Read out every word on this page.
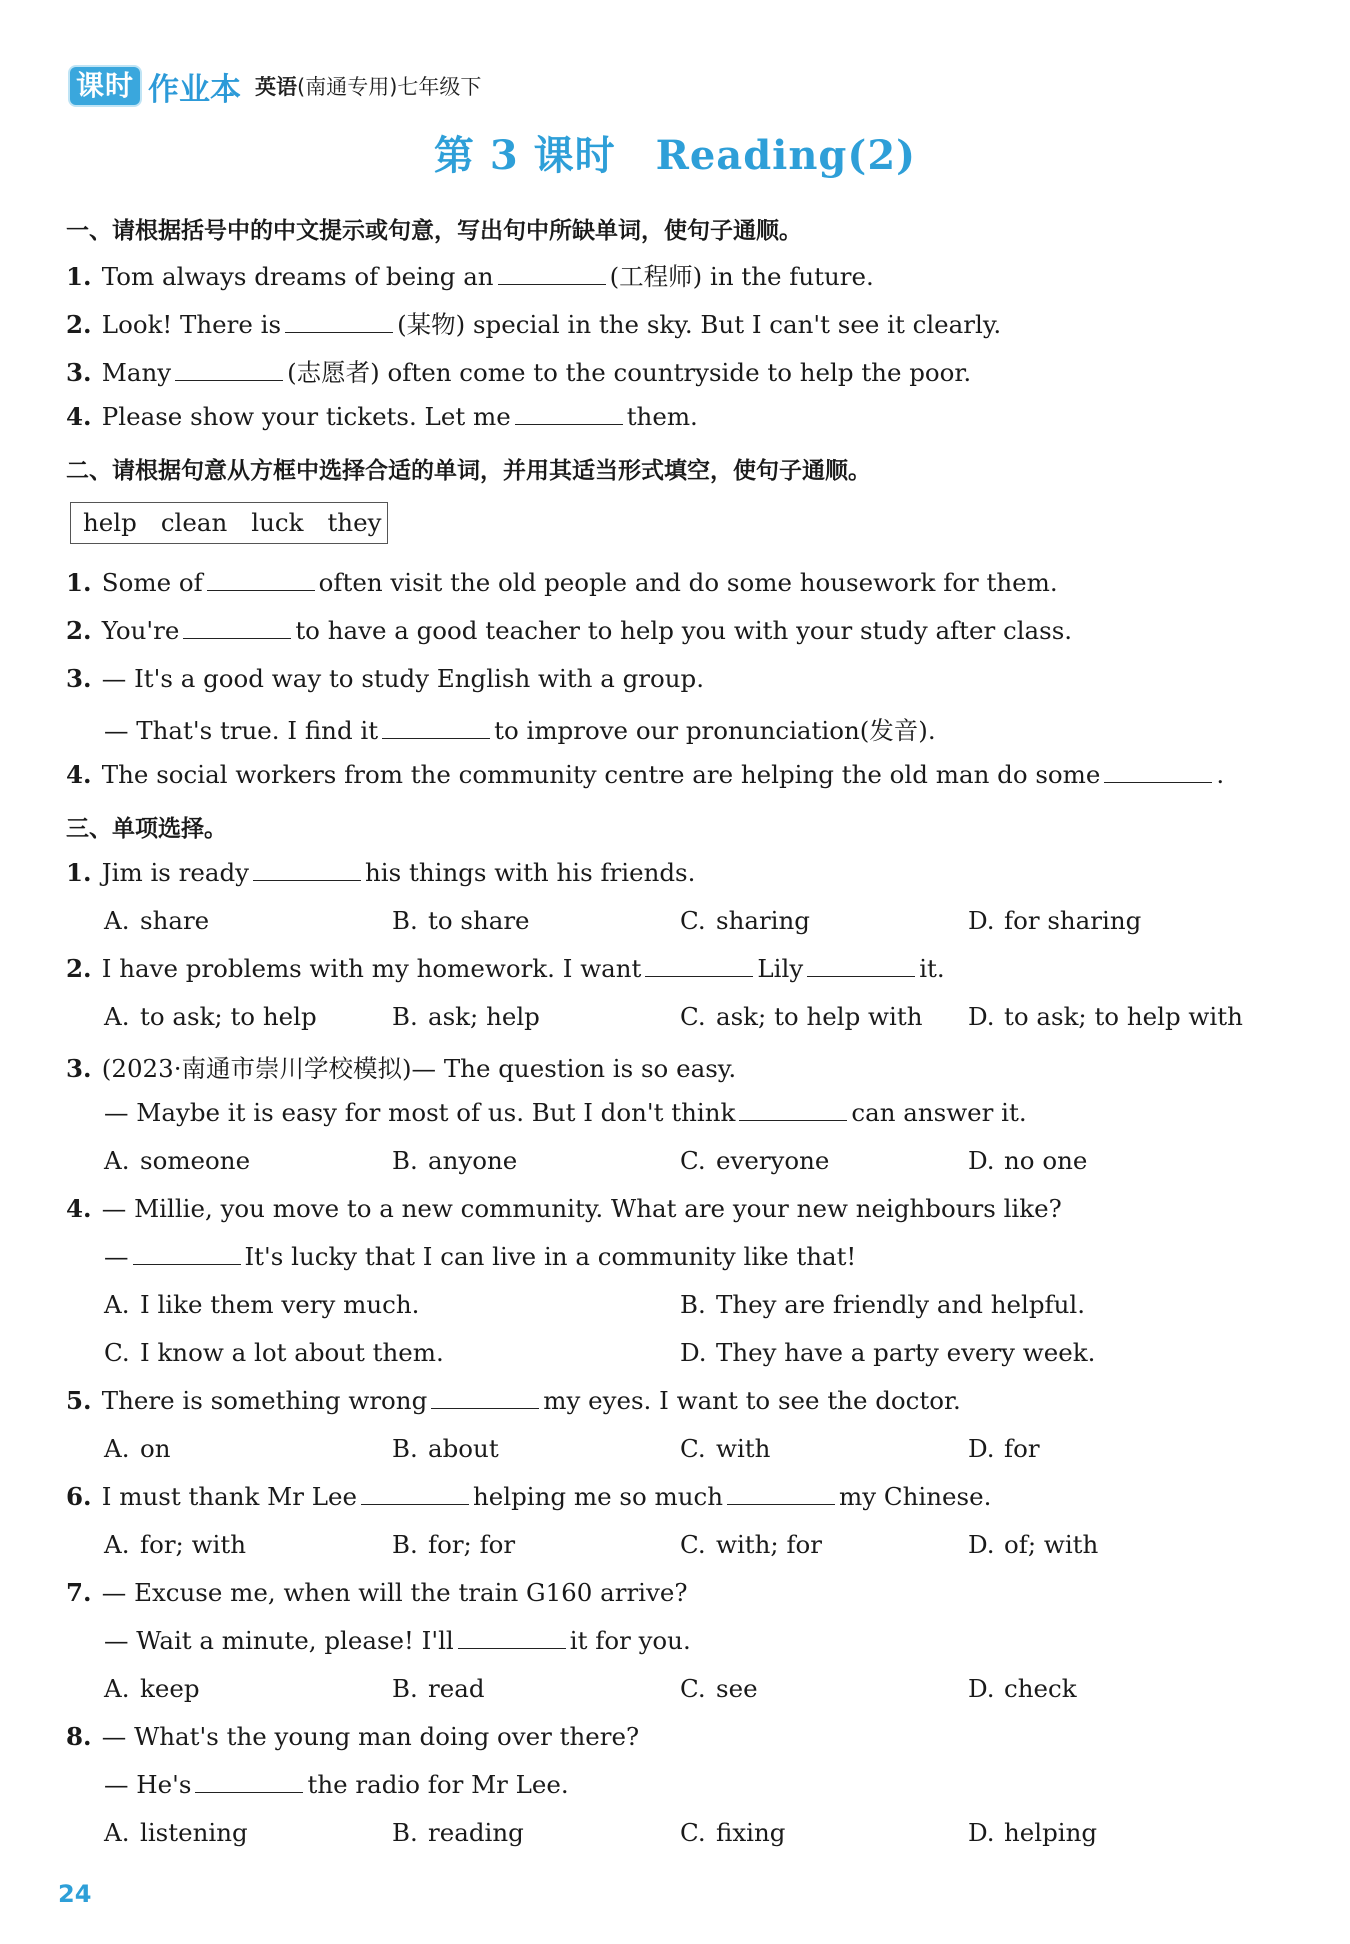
课时 作业本 英语(南通专用)七年级下
第 3 课时 Reading(2)
一、请根据括号中的中文提示或句意，写出句中所缺单词，使句子通顺。
1. Tom always dreams of being an	(工程师) in the future.
2. Look! There is	(某物) special in the sky. But I can't see it clearly.
3. Many	(志愿者) often come to the countryside to help the poor.
4. Please show your tickets. Let me	them.
二、请根据句意从方框中选择合适的单词，并用其适当形式填空，使句子通顺。
help clean luck they
1. Some of	often visit the old people and do some housework for them.
2. You're	to have a good teacher to help you with your study after class.
3. — It's a good way to study English with a group.
— That's true. I find it	to improve our pronunciation(发音).
4. The social workers from the community centre are helping the old man do some	.
三、单项选择。
1. Jim is ready	his things with his friends.
A. share	B. to share	C. sharing	D. for sharing
2. I have problems with my homework. I want	Lily	it.
A. to ask; to help	B. ask; help	C. ask; to help with D. to ask; to help with
3. (2023·南通市崇川学校模拟)— The question is so easy.
— Maybe it is easy for most of us. But I don't think	can answer it.
A. someone	B. anyone	C. everyone	D. no one
4. — Millie, you move to a new community. What are your new neighbours like?
—	It's lucky that I can live in a community like that!
A. I like them very much.	B. They are friendly and helpful.
C. I know a lot about them.	D. They have a party every week.
5. There is something wrong	my eyes. I want to see the doctor.
A. on	B. about	C. with	D. for
6. I must thank Mr Lee	helping me so much	my Chinese.
A. for; with	B. for; for	C. with; for	D. of; with
7. — Excuse me, when will the train G160 arrive?
— Wait a minute, please! I'll	it for you.
A. keep	B. read	C. see	D. check
8. — What's the young man doing over there?
— He's	the radio for Mr Lee.
A. listening	B. reading	C. fixing	D. helping
24
